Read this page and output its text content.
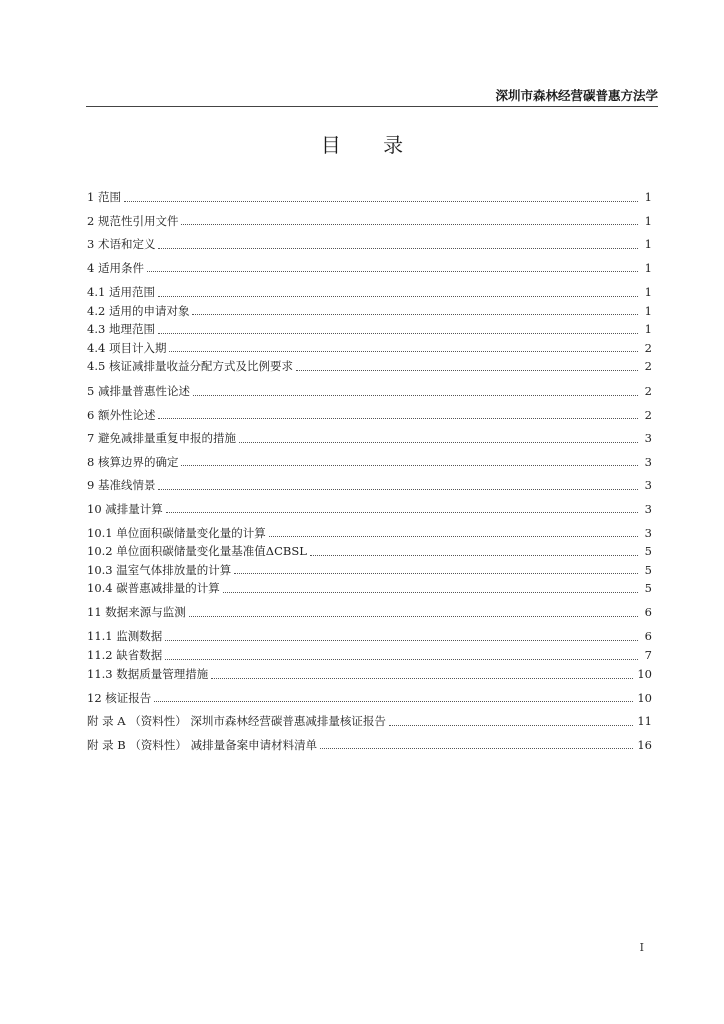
深圳市森林经营碳普惠方法学
目 录
1 范围	1
2 规范性引用文件	1
3 术语和定义	1
4 适用条件	1
4.1 适用范围	1
4.2 适用的申请对象	1
4.3 地理范围	1
4.4 项目计入期	2
4.5 核证减排量收益分配方式及比例要求	2
5 减排量普惠性论述	2
6 额外性论述	2
7 避免减排量重复申报的措施	3
8 核算边界的确定	3
9 基准线情景	3
10 减排量计算	3
10.1 单位面积碳储量变化量的计算	3
10.2 单位面积碳储量变化量基准值ΔCBSL	5
10.3 温室气体排放量的计算	5
10.4 碳普惠减排量的计算	5
11 数据来源与监测	6
11.1 监测数据	6
11.2 缺省数据	7
11.3 数据质量管理措施	10
12 核证报告	10
附 录 A （资料性） 深圳市森林经营碳普惠减排量核证报告	11
附 录 B （资料性） 减排量备案申请材料清单	16
I
